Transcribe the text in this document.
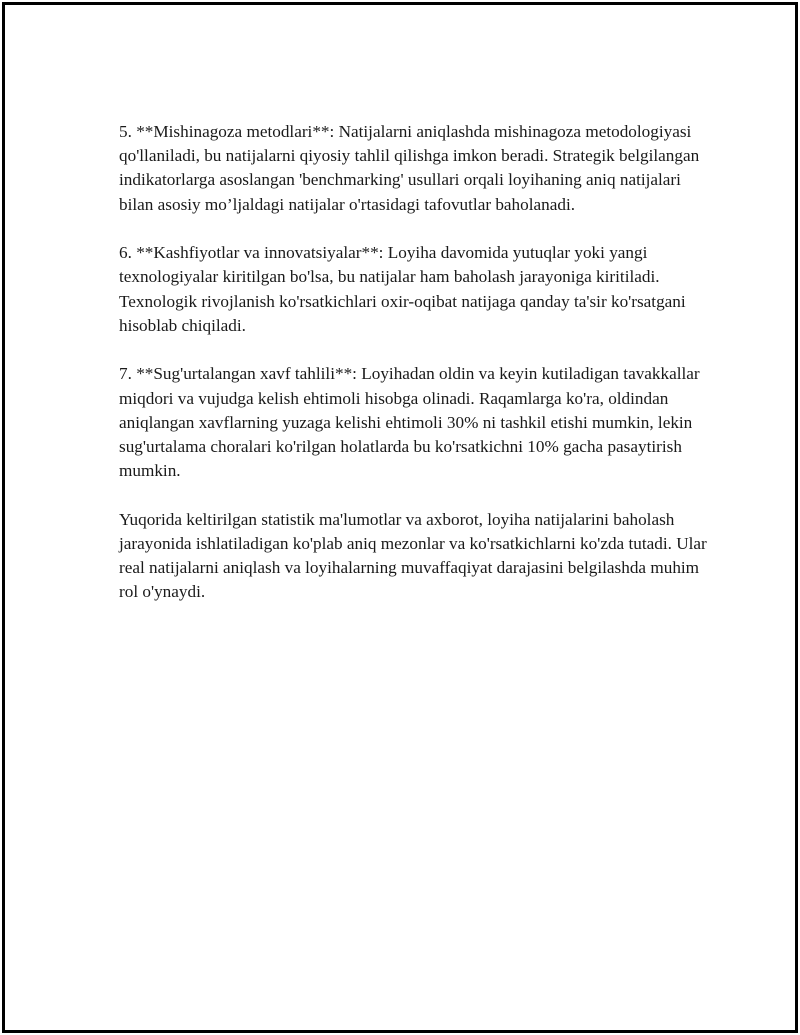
5. **Mishinagoza metodlari**: Natijalarni aniqlashda mishinagoza metodologiyasi qo'llaniladi, bu natijalarni qiyosiy tahlil qilishga imkon beradi. Strategik belgilangan indikatorlarga asoslangan 'benchmarking' usullari orqali loyihaning aniq natijalari bilan asosiy mo’ljaldagi natijalar o'rtasidagi tafovutlar baholanadi.

6. **Kashfiyotlar va innovatsiyalar**: Loyiha davomida yutuqlar yoki yangi texnologiyalar kiritilgan bo'lsa, bu natijalar ham baholash jarayoniga kiritiladi. Texnologik rivojlanish ko'rsatkichlari oxir-oqibat natijaga qanday ta'sir ko'rsatgani hisoblab chiqiladi.

7. **Sug'urtalangan xavf tahlili**: Loyihadan oldin va keyin kutiladigan tavakkallar miqdori va vujudga kelish ehtimoli hisobga olinadi. Raqamlarga ko'ra, oldindan aniqlangan xavflarning yuzaga kelishi ehtimoli 30% ni tashkil etishi mumkin, lekin sug'urtalama choralari ko'rilgan holatlarda bu ko'rsatkichni 10% gacha pasaytirish mumkin.

Yuqorida keltirilgan statistik ma'lumotlar va axborot, loyiha natijalarini baholash jarayonida ishlatiladigan ko'plab aniq mezonlar va ko'rsatkichlarni ko'zda tutadi. Ular real natijalarni aniqlash va loyihalarning muvaffaqiyat darajasini belgilashda muhim rol o'ynaydi.
